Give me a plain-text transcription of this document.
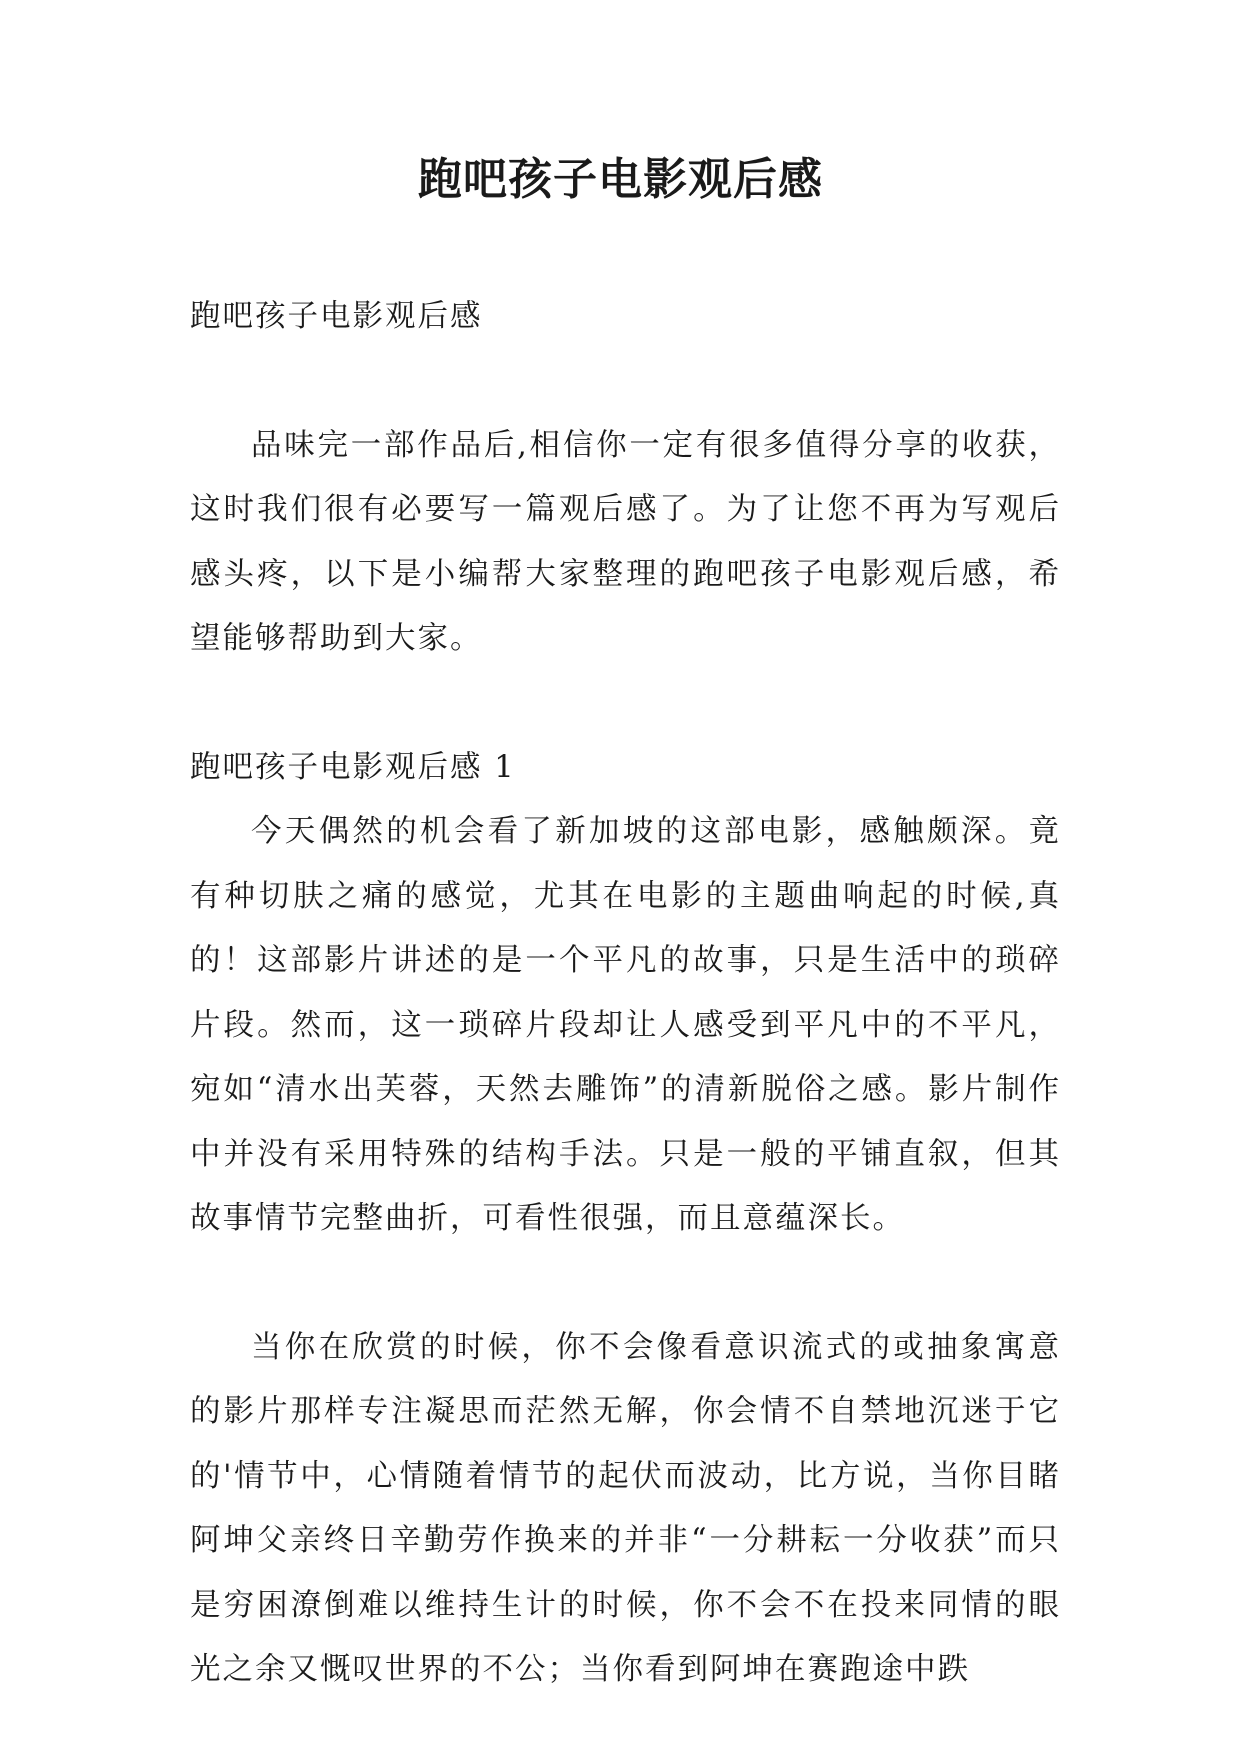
跑吧孩子电影观后感

跑吧孩子电影观后感

品味完一部作品后,相信你一定有很多值得分享的收获，这时我们很有必要写一篇观后感了。为了让您不再为写观后感头疼，以下是小编帮大家整理的跑吧孩子电影观后感，希望能够帮助到大家。

跑吧孩子电影观后感 1

今天偶然的机会看了新加坡的这部电影，感触颇深。竟有种切肤之痛的感觉，尤其在电影的主题曲响起的时候,真的！这部影片讲述的是一个平凡的故事，只是生活中的琐碎片段。然而，这一琐碎片段却让人感受到平凡中的不平凡，宛如“清水出芙蓉，天然去雕饰”的清新脱俗之感。影片制作中并没有采用特殊的结构手法。只是一般的平铺直叙，但其故事情节完整曲折，可看性很强，而且意蕴深长。

当你在欣赏的时候，你不会像看意识流式的或抽象寓意的影片那样专注凝思而茫然无解，你会情不自禁地沉迷于它的'情节中，心情随着情节的起伏而波动，比方说，当你目睹阿坤父亲终日辛勤劳作换来的并非“一分耕耘一分收获”而只是穷困潦倒难以维持生计的时候，你不会不在投来同情的眼光之余又慨叹世界的不公；当你看到阿坤在赛跑途中跌
